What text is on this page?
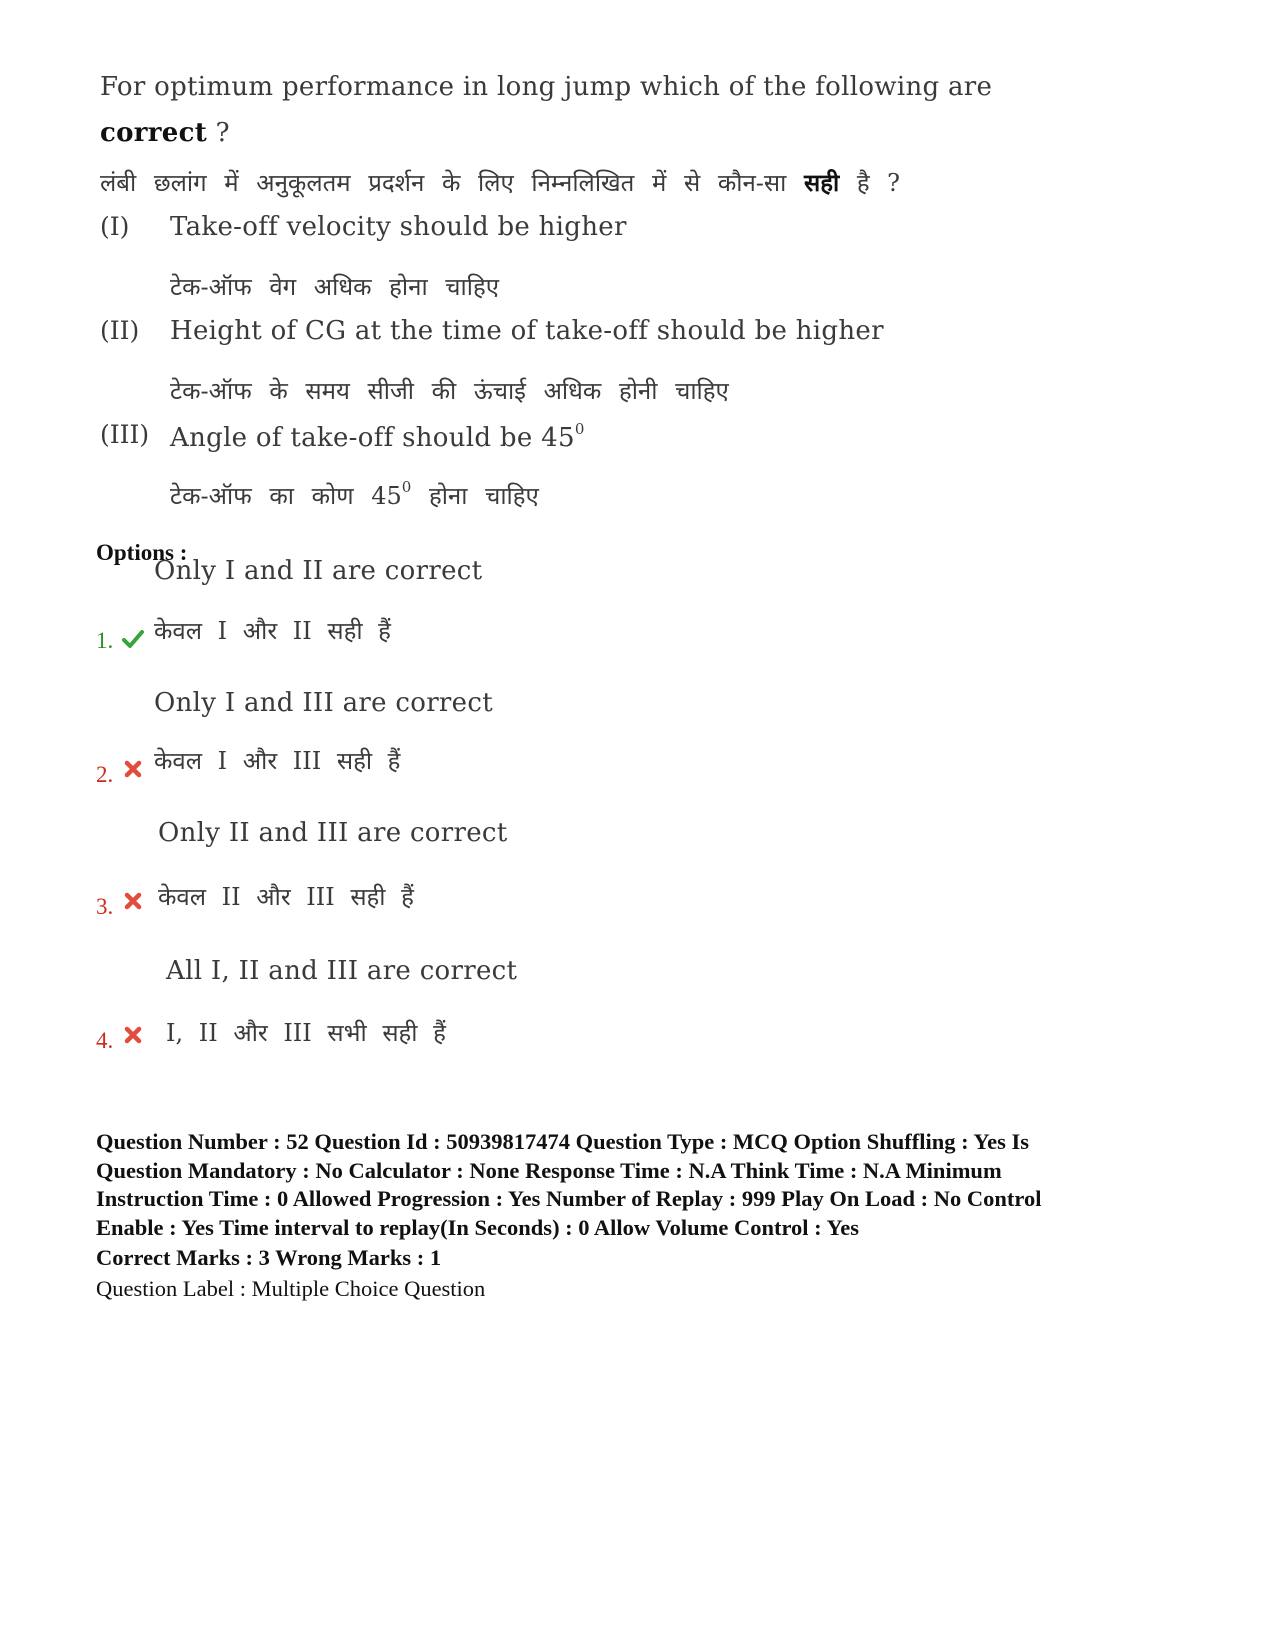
For optimum performance in long jump which of the following are
correct ?
लंबी छलांग में अनुकूलतम प्रदर्शन के लिए निम्नलिखित में से कौन-सा सही है ?
(I) Take-off velocity should be higher
टेक-ऑफ वेग अधिक होना चाहिए
(II) Height of CG at the time of take-off should be higher
टेक-ऑफ के समय सीजी की ऊंचाई अधिक होनी चाहिए
(III) Angle of take-off should be $45^0$
टेक-ऑफ का कोण $45^0$ होना चाहिए
Options :
Only I and II are correct
केवल I और II सही हैं
1.
Only I and III are correct
केवल I और III सही हैं
2.
Only II and III are correct
केवल II और III सही हैं
3.
All I, II and III are correct
I, II और III सभी सही हैं
4.
Question Number : 52 Question Id : 50939817474 Question Type : MCQ Option Shuffling : Yes Is
Question Mandatory : No Calculator : None Response Time : N.A Think Time : N.A Minimum
Instruction Time : 0 Allowed Progression : Yes Number of Replay : 999 Play On Load : No Control
Enable : Yes Time interval to replay(In Seconds) : 0 Allow Volume Control : Yes
Correct Marks : 3 Wrong Marks : 1
Question Label : Multiple Choice Question
